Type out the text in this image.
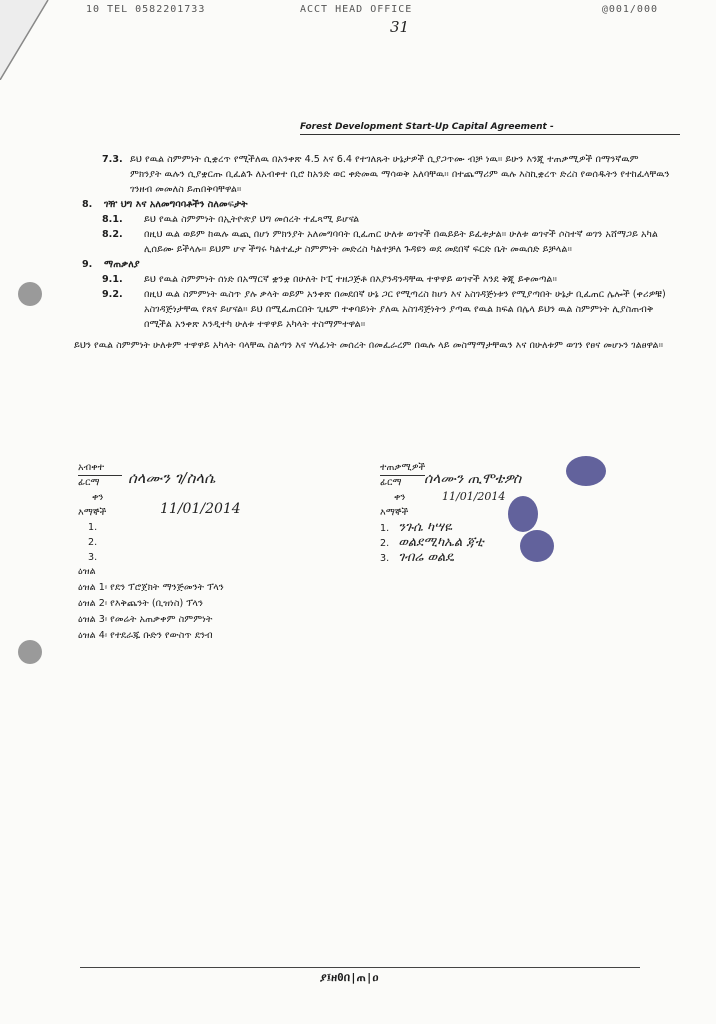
10 TEL 0582201733	ACCT HEAD OFFICE	@001/000
31
Forest Development Start-Up Capital Agreement -
7.3. ይህ የዉል ስምምነት ሲቋረጥ የሚችለዉ በአንቀጽ 4.5 እና 6.4 የተገለጹት ሁኔታዎች ሲያጋጥሙ ብቻ ነዉ። ይሁን እንጂ ተጠቃሚዎች በማንኛዉም ምክንያት ዉሉን ሲያቋርጡ ቢፈልጉ ለአብቀተ ቢሮ ከአንድ ወር ቀድመዉ ማሳወቅ አለባቸዉ። በተጨማሪም ዉሉ እስኪቋረጥ ድረስ የወሰዱትን የተከፈላቸዉን ገንዘብ መመለስ ይጠበቅባቸዋል።
8. ገዥ ህግ እና አለመግባባቶችን ስለመፍታት
8.1. ይህ የዉል ስምምነት በኢትዮጵያ ህግ መሰረት ተፈጻሚ ይሆናል
8.2. በዚህ ዉል ወይም ከዉሉ ዉጪ በሆነ ምክንያት አለመግባባት ቢፈጠር ሁለቱ ወገኖች በዉይይት ይፈቱታል። ሁለቱ ወገኖች ሶስተኛ ወገን አሸማጋይ አካል ሊሰይሙ ይችላሉ። ይህም ሆኖ ችግሩ ካልተፈታ ስምምነት መድረስ ካልተቻለ ጉዳዩን ወደ መደበኛ ፍርድ ቤት መዉሰድ ይቻላል።
9. ማጠቃለያ
9.1. ይህ የዉል ስምምነት ሰነድ በአማርኛ ቋንቋ በሁለት ኮፒ ተዘጋጅቶ በእያንዳንዳቸዉ ተዋዋይ ወገኖች እንደ ቅጂ ይቀመጣል።
9.2. በዚህ ዉል ስምምነት ዉስጥ ያሉ ቃላት ወይም አንቀጽ በመደበኛ ሁኔ ጋር የሚጣረስ ከሆነ እና አስገዳጅነቱን የሚያጣበት ሁኔታ ቢፈጠር ሌሎች (ቀሪዎቹ) አስገዳጅነታቸዉ የጸና ይሆናል። ይህ በሚፈጠርበት ጊዜም ተቀባይነት ያለዉ አስገዳጅነትን ያጣዉ የዉል ክፍል በሌላ ይህን ዉል ስምምነት ሊያስጠብቅ በሚችል አንቀጽ እንዲተካ ሁለቱ ተዋዋይ አካላት ተስማምተዋል።
ይህን የዉል ስምምነት ሁለቱም ተዋዋይ አካላት ባላቸዉ ስልጣን እና ሃላፊነት መሰረት በመፈራረም በዉሉ ላይ መስማማታቸዉን እና በሁለቱም ወገን የፀና መሆኑን ገልፀዋል።
አብቀተ
ፊርማ ሰላሙን ገ/ስላሴ
ቀን
እማኞች	11/01/2014
1.
2.
3.
ተጠቃሚዎች
ፊርማ ሰላሙን ጢሞቴዎስ
ቀን	11/01/2014
እማኞች
1. ንጉሴ ካሣዬ
2. ወልደሚካኤል ጃቲ
3. ገብሬ ወልዴ
ዕዝል
ዕዝል 1፡ የደን ፕሮጀክት ማንጅመንት ፕላን
ዕዝል 2፡ የእቅጨንት (ቢዝነስ) ፕላን
ዕዝል 3፡ የመሬት አጠቃቀም ስምምነት
ዕዝል 4፡ የተደራጁ ቡድን የውስጥ ደንብ
ያ፤ዘ0በ|ጠ|ዐ
